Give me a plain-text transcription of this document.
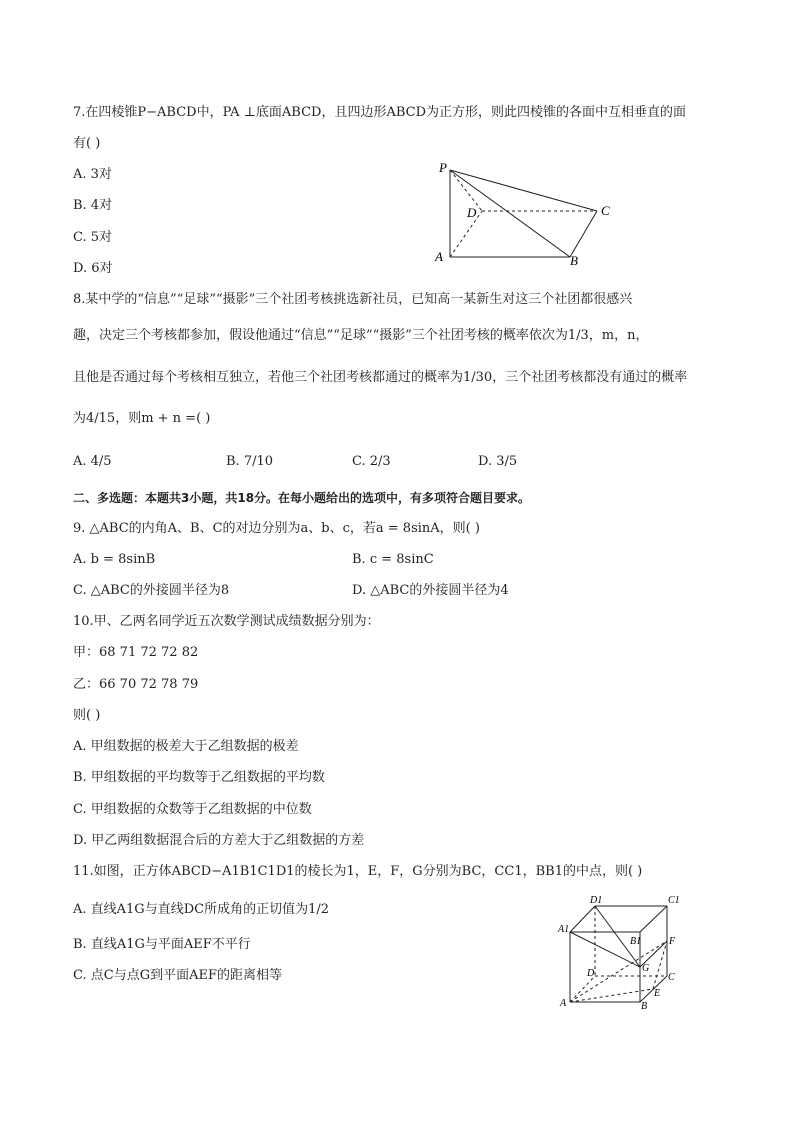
7.在四棱锥P−ABCD中，PA ⊥底面ABCD，且四边形ABCD为正方形，则此四棱锥的各面中互相垂直的面
有( )
A. 3对
B. 4对
C. 5对
D. 6对
P
D	C
A	B
8.某中学的“信息”“足球”“摄影”三个社团考核挑选新社员，已知高一某新生对这三个社团都很感兴
趣，决定三个考核都参加，假设他通过“信息”“足球”“摄影”三个社团考核的概率依次为1/3，m，n，
且他是否通过每个考核相互独立，若他三个社团考核都通过的概率为1/30，三个社团考核都没有通过的概率
为4/15，则m + n =( )
A. 4/5	B. 7/10	C. 2/3	D. 3/5
二、多选题：本题共3小题，共18分。在每小题给出的选项中，有多项符合题目要求。
9. △ABC的内角A、B、C的对边分别为a、b、c，若a = 8sinA，则( )
A. b = 8sinB	B. c = 8sinC
C. △ABC的外接圆半径为8	D. △ABC的外接圆半径为4
10.甲、乙两名同学近五次数学测试成绩数据分别为：
甲：68 71 72 72 82
乙：66 70 72 78 79
则( )
A. 甲组数据的极差大于乙组数据的极差
B. 甲组数据的平均数等于乙组数据的平均数
C. 甲组数据的众数等于乙组数据的中位数
D. 甲乙两组数据混合后的方差大于乙组数据的方差
11.如图，正方体ABCD−A1B1C1D1的棱长为1，E，F，G分别为BC，CC1，BB1的中点，则( )
A. 直线A1G与直线DC所成角的正切值为1/2
B. 直线A1G与平面AEF不平行
C. 点C与点G到平面AEF的距离相等
D1	C1
A1
B1	F
G
D	C
E
A	B
